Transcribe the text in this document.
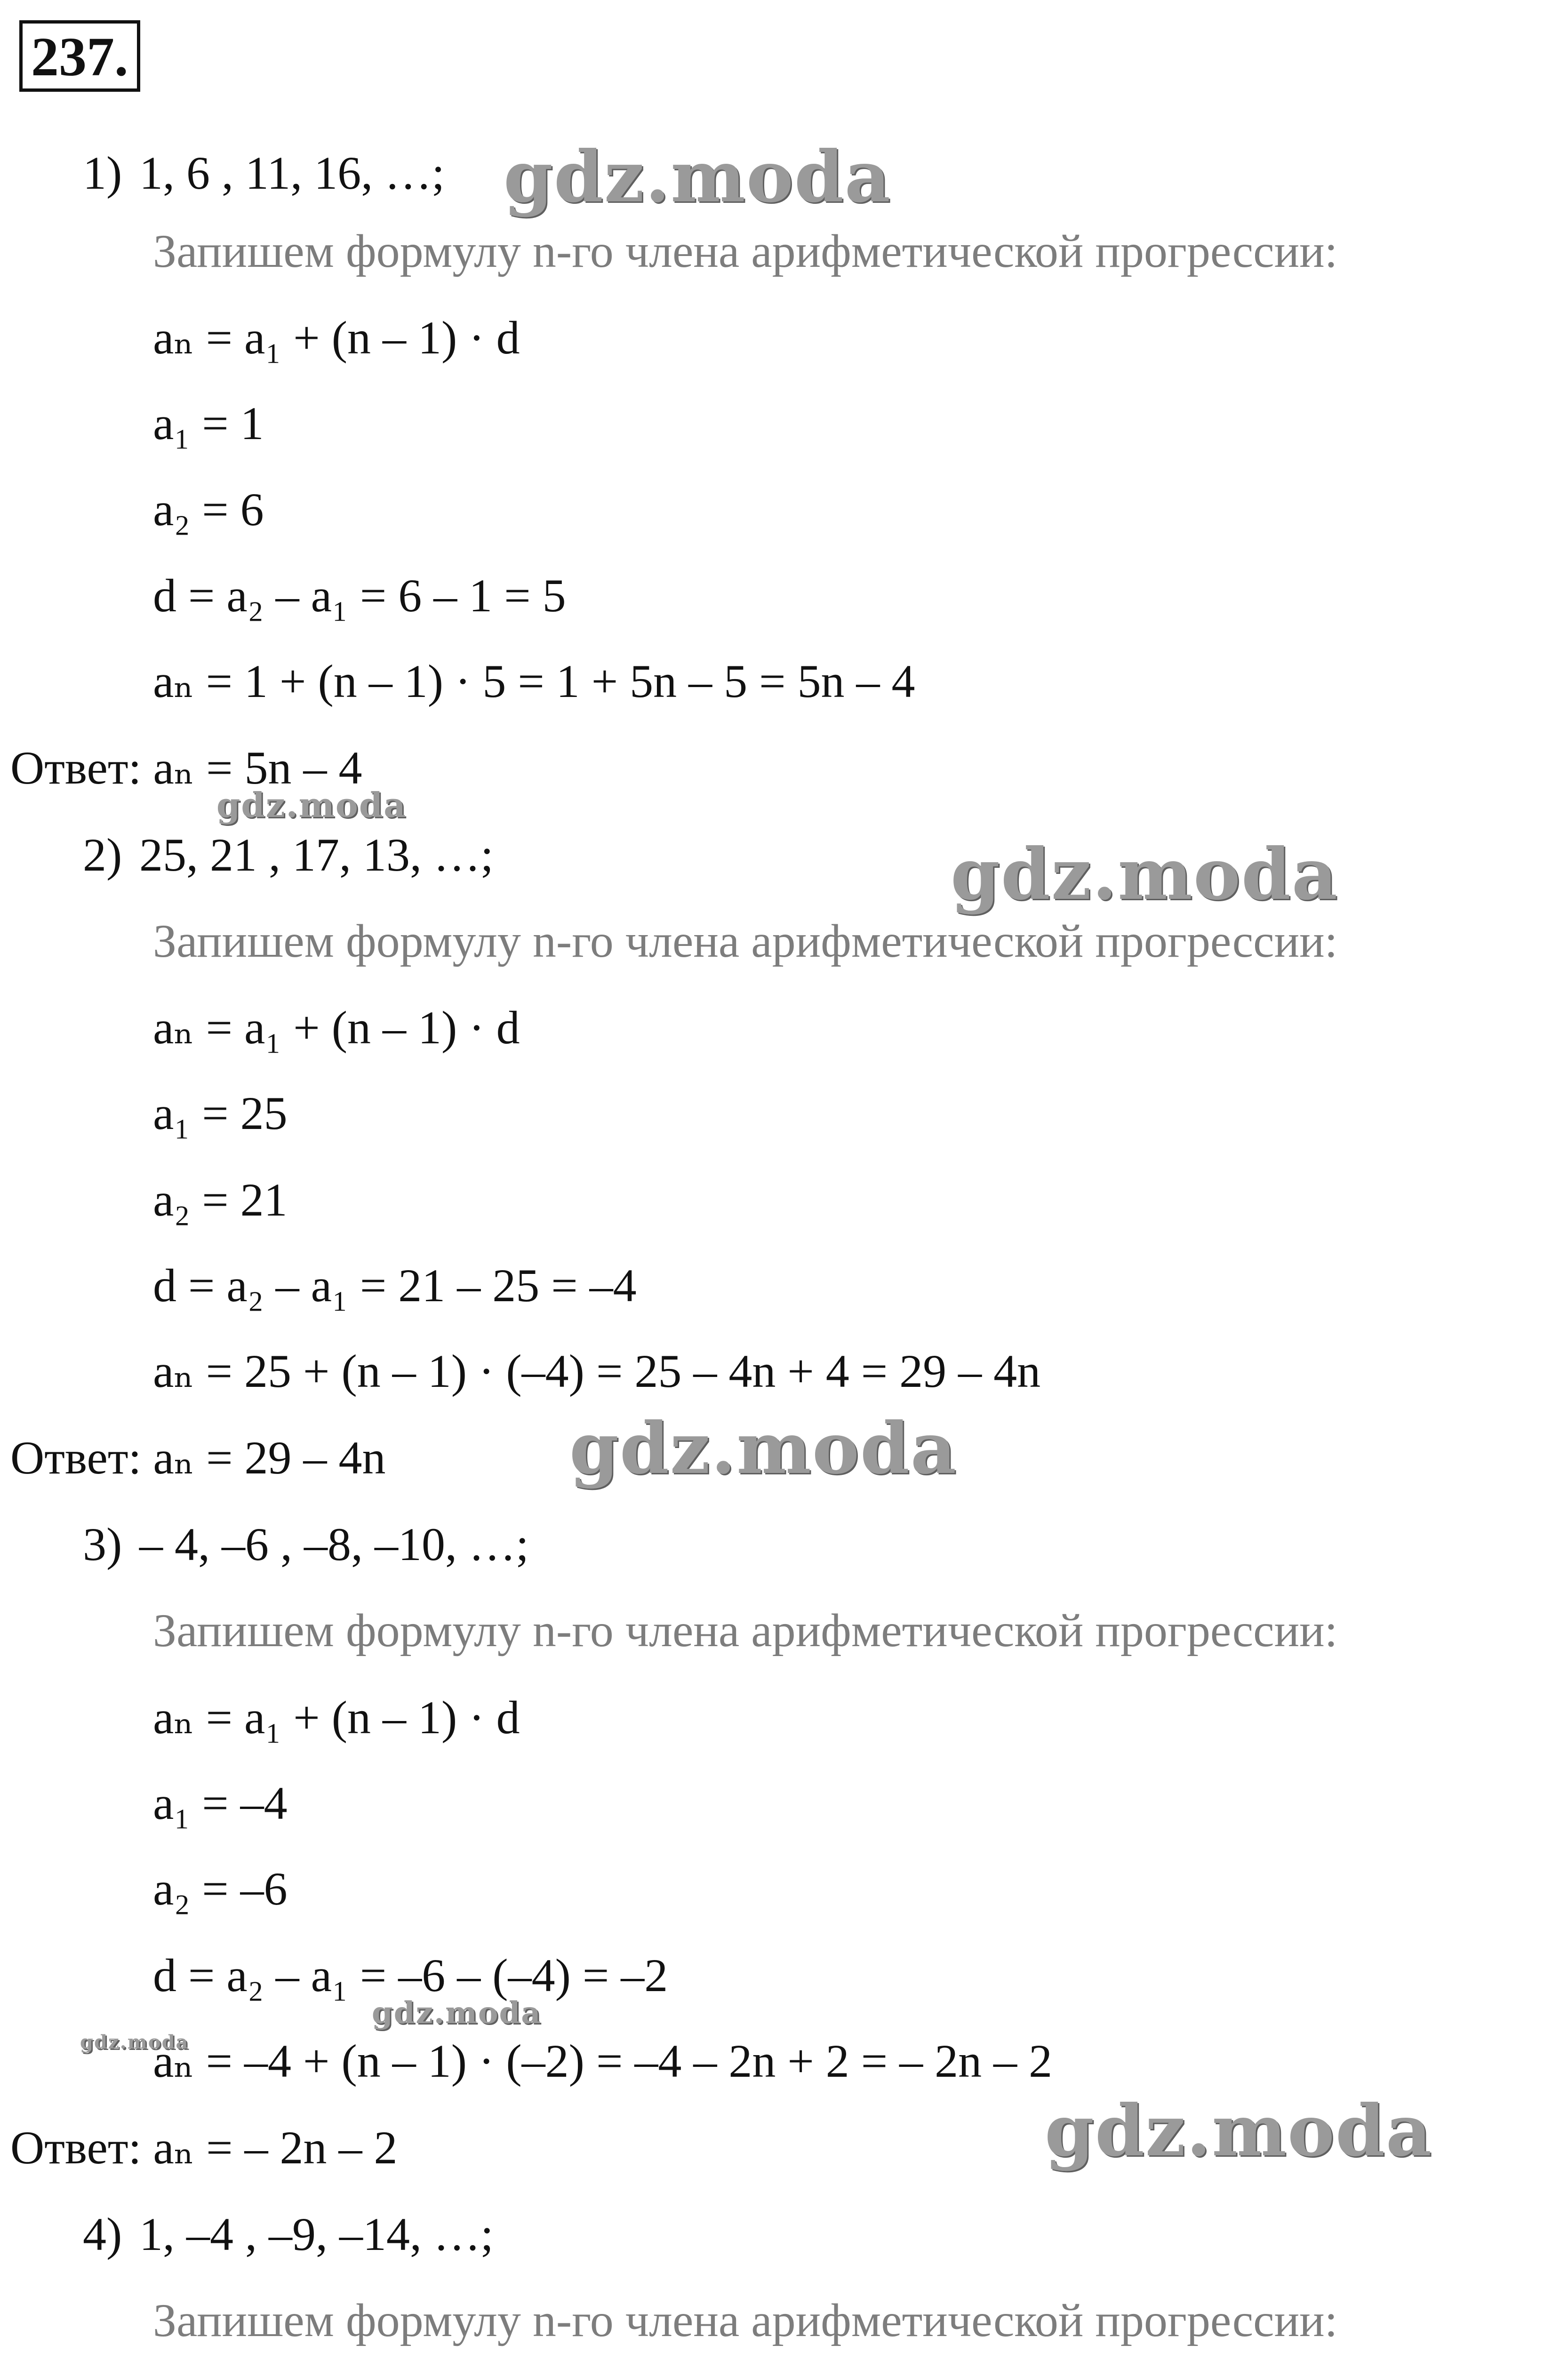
237.
1) 1, 6 , 11, 16, …;
Запишем формулу n-го члена арифметической прогрессии:
aₙ = a₁ + (n – 1) · d
a₁ = 1
a₂ = 6
d = a₂ – a₁ = 6 – 1 = 5
aₙ = 1 + (n – 1) · 5 = 1 + 5n – 5 = 5n – 4
Ответ: aₙ = 5n – 4
2) 25, 21 , 17, 13, …;
Запишем формулу n-го члена арифметической прогрессии:
aₙ = a₁ + (n – 1) · d
a₁ = 25
a₂ = 21
d = a₂ – a₁ = 21 – 25 = –4
aₙ = 25 + (n – 1) · (–4) = 25 – 4n + 4 = 29 – 4n
Ответ: aₙ = 29 – 4n
3) – 4, –6 , –8, –10, …;
Запишем формулу n-го члена арифметической прогрессии:
aₙ = a₁ + (n – 1) · d
a₁ = –4
a₂ = –6
d = a₂ – a₁ = –6 – (–4) = –2
aₙ = –4 + (n – 1) · (–2) = –4 – 2n + 2 = – 2n – 2
Ответ: aₙ = – 2n – 2
4) 1, –4 , –9, –14, …;
Запишем формулу n-го члена арифметической прогрессии:
gdz.moda
gdz.moda
gdz.moda
gdz.moda
gdz.moda
gdz.moda
gdz.moda
